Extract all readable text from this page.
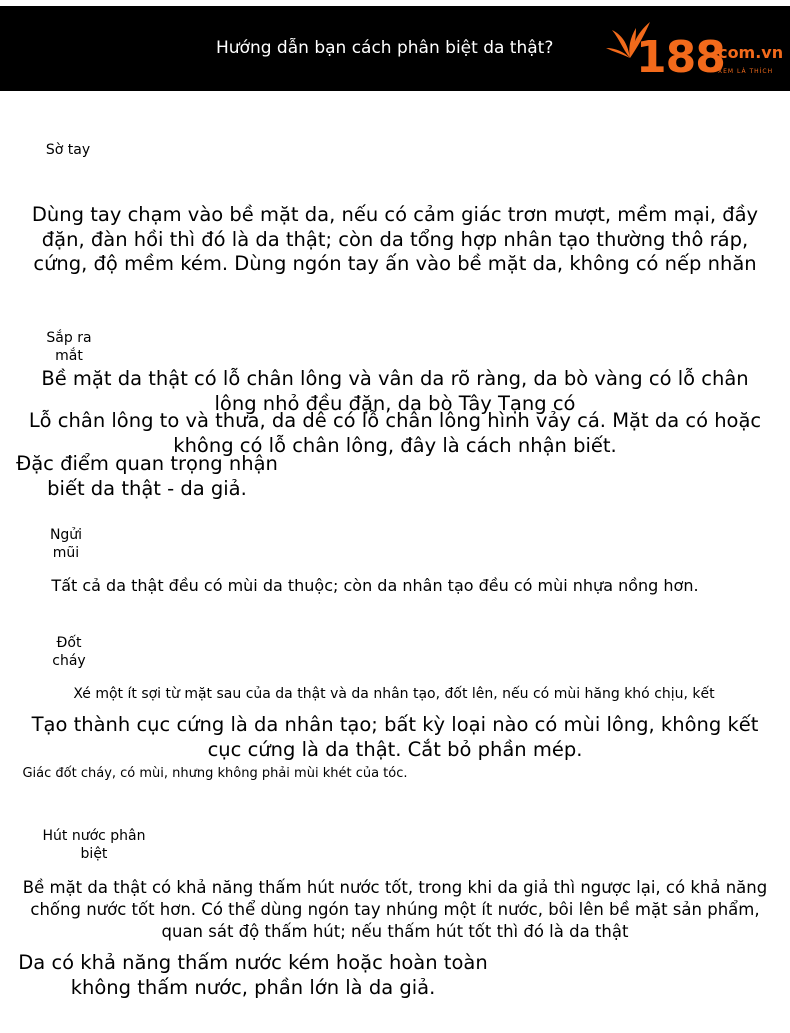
Hướng dẫn bạn cách phân biệt da thật? 188
.com.vn
XEM LÀ THÍCH
Sờ tay
Dùng tay chạm vào bề mặt da, nếu có cảm giác trơn mượt, mềm mại, đầy đặn, đàn hồi thì đó là da thật; còn da tổng hợp nhân tạo thường thô ráp, cứng, độ mềm kém. Dùng ngón tay ấn vào bề mặt da, không có nếp nhăn
Sắp ra mắt
Bề mặt da thật có lỗ chân lông và vân da rõ ràng, da bò vàng có lỗ chân lông nhỏ đều đặn, da bò Tây Tạng có
Lỗ chân lông to và thưa, da dê có lỗ chân lông hình vảy cá. Mặt da có hoặc không có lỗ chân lông, đây là cách nhận biết.
Đặc điểm quan trọng nhận biết da thật - da giả.
Ngửi mũi
Tất cả da thật đều có mùi da thuộc; còn da nhân tạo đều có mùi nhựa nồng hơn.
Đốt cháy
Xé một ít sợi từ mặt sau của da thật và da nhân tạo, đốt lên, nếu có mùi hăng khó chịu, kết
Tạo thành cục cứng là da nhân tạo; bất kỳ loại nào có mùi lông, không kết cục cứng là da thật. Cắt bỏ phần mép.
Giác đốt cháy, có mùi, nhưng không phải mùi khét của tóc.
Hút nước phân biệt
Bề mặt da thật có khả năng thấm hút nước tốt, trong khi da giả thì ngược lại, có khả năng chống nước tốt hơn. Có thể dùng ngón tay nhúng một ít nước, bôi lên bề mặt sản phẩm, quan sát độ thấm hút; nếu thấm hút tốt thì đó là da thật
Da có khả năng thấm nước kém hoặc hoàn toàn không thấm nước, phần lớn là da giả.
